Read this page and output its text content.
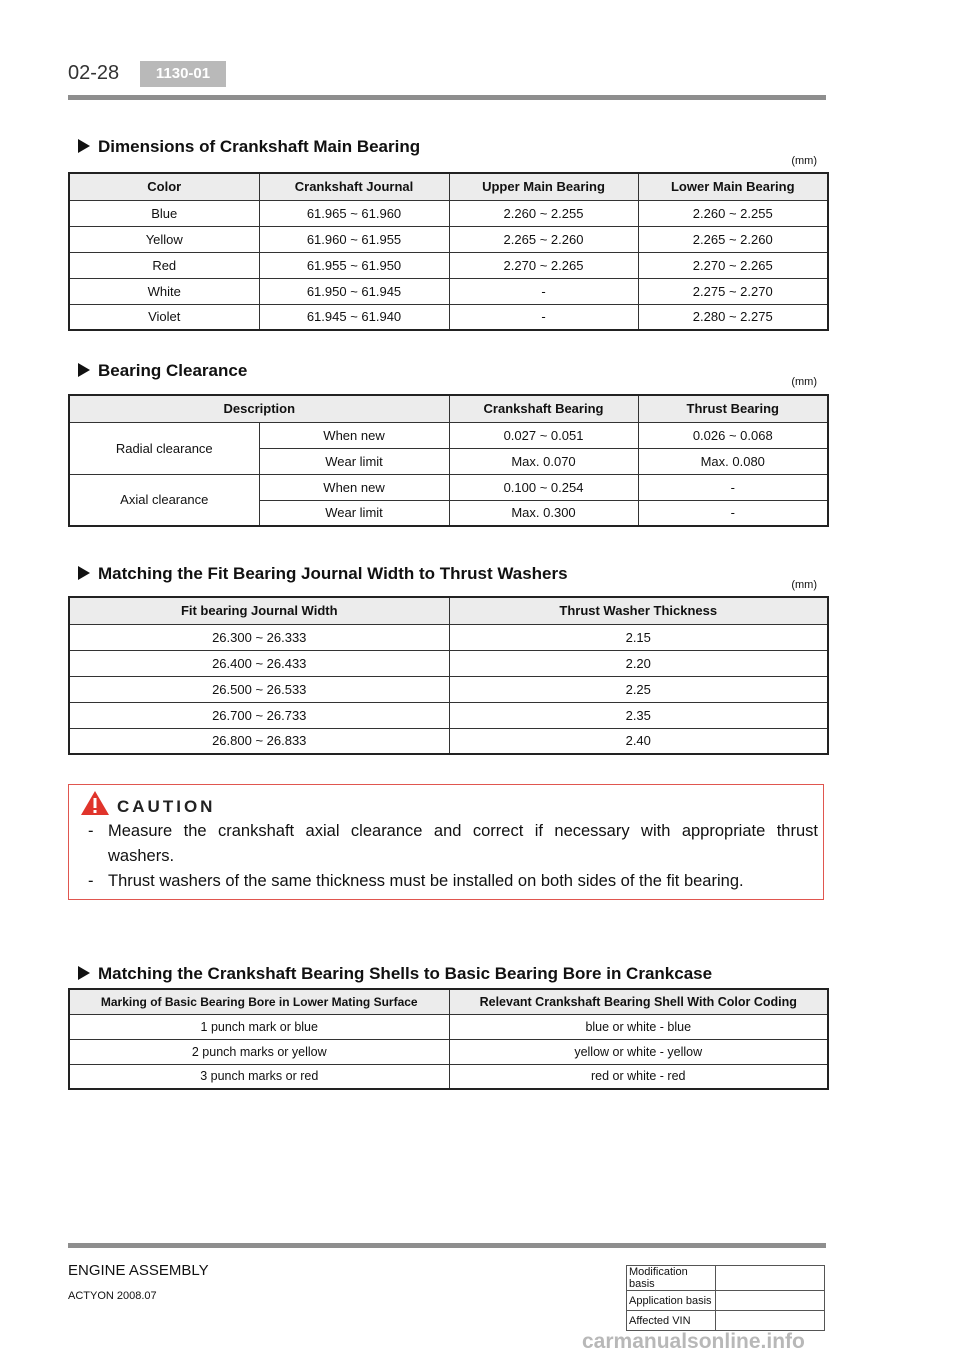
02-28	1130-01
Dimensions of Crankshaft Main Bearing
(mm)
Color	Crankshaft Journal	Upper Main Bearing	Lower Main Bearing
Blue	61.965 ~ 61.960	2.260 ~ 2.255	2.260 ~ 2.255
Yellow	61.960 ~ 61.955	2.265 ~ 2.260	2.265 ~ 2.260
Red	61.955 ~ 61.950	2.270 ~ 2.265	2.270 ~ 2.265
White	61.950 ~ 61.945	-	2.275 ~ 2.270
Violet	61.945 ~ 61.940	-	2.280 ~ 2.275
Bearing Clearance
(mm)
Description		Crankshaft Bearing	Thrust Bearing
Radial clearance	When new	0.027 ~ 0.051	0.026 ~ 0.068
	Wear limit	Max. 0.070	Max. 0.080
Axial clearance	When new	0.100 ~ 0.254	-
	Wear limit	Max. 0.300	-
Matching the Fit Bearing Journal Width to Thrust Washers
(mm)
Fit bearing Journal Width	Thrust Washer Thickness
26.300 ~ 26.333	2.15
26.400 ~ 26.433	2.20
26.500 ~ 26.533	2.25
26.700 ~ 26.733	2.35
26.800 ~ 26.833	2.40
CAUTION
- Measure the crankshaft axial clearance and correct if necessary with appropriate thrust
washers.
- Thrust washers of the same thickness must be installed on both sides of the fit bearing.
Matching the Crankshaft Bearing Shells to Basic Bearing Bore in Crankcase
Marking of Basic Bearing Bore in Lower Mating Surface	Relevant Crankshaft Bearing Shell With Color Coding
1 punch mark or blue	blue or white - blue
2 punch marks or yellow	yellow or white - yellow
3 punch marks or red	red or white - red
ENGINE ASSEMBLY
ACTYON 2008.07
Modification basis	
Application basis	
Affected VIN	
carmanualsonline.info
